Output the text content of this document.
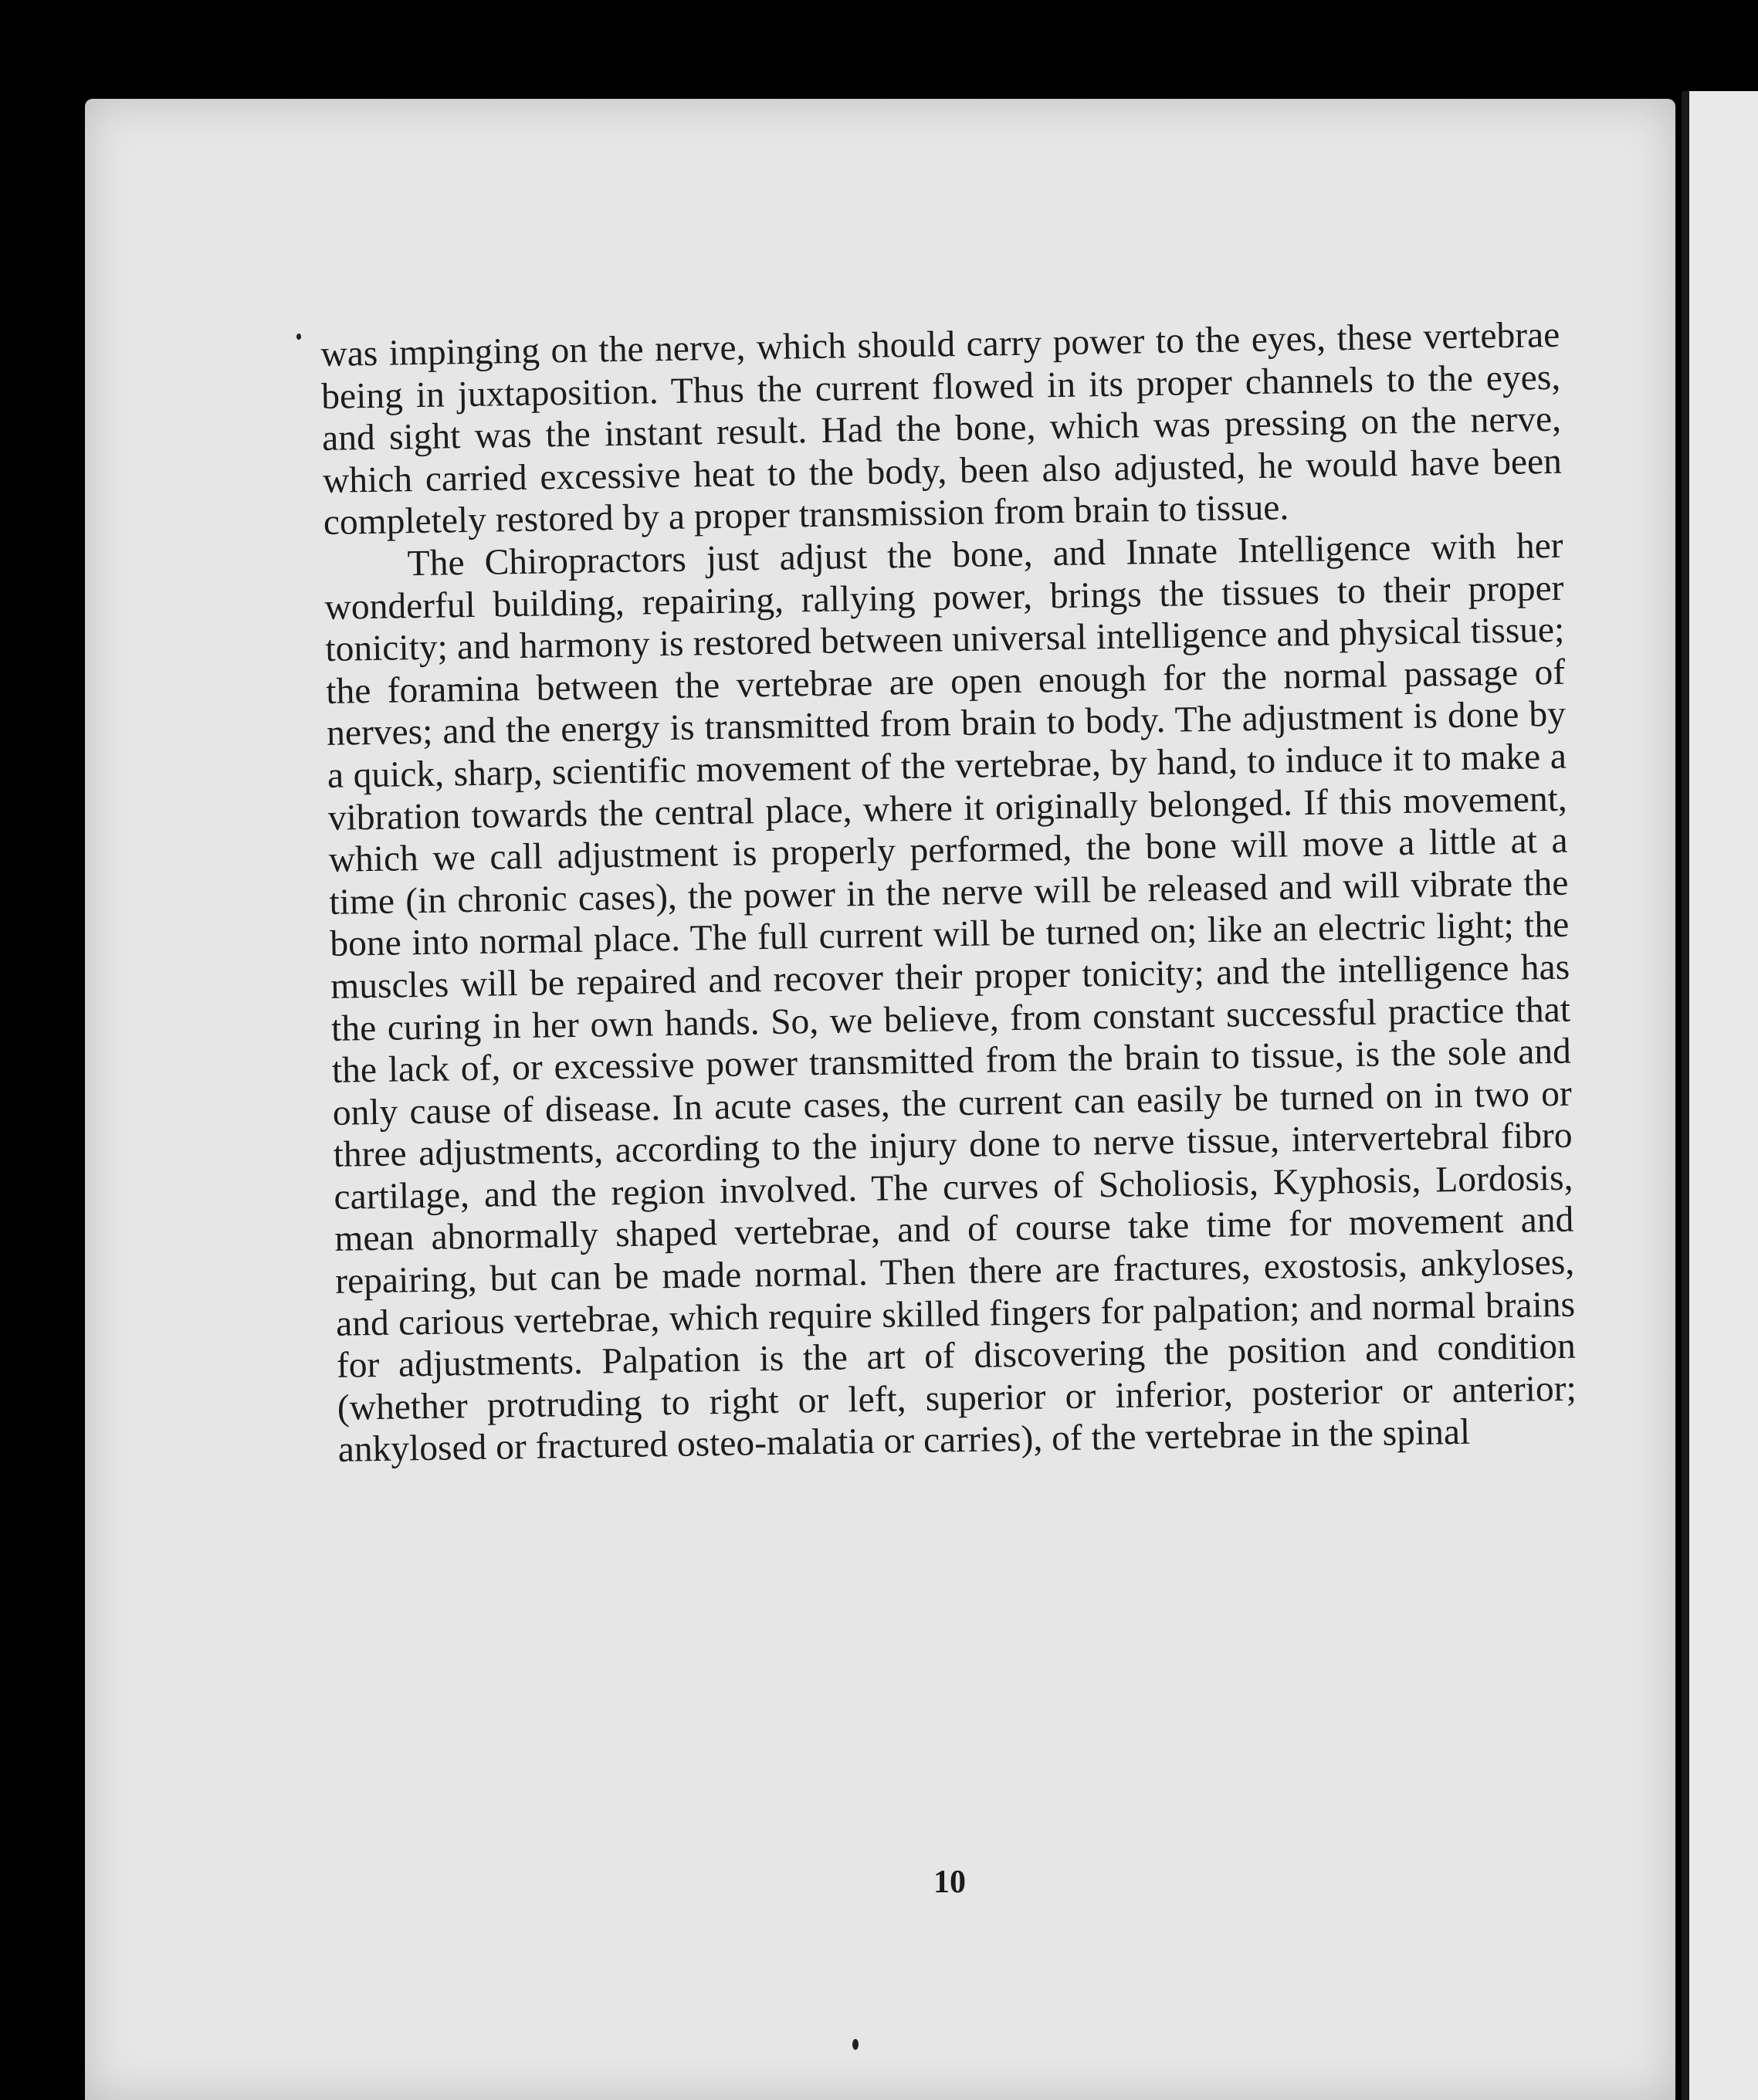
was impinging on the nerve, which should carry power to the eyes, these vertebrae being in juxtaposition. Thus the current flowed in its proper channels to the eyes, and sight was the instant result. Had the bone, which was pressing on the nerve, which carried excessive heat to the body, been also adjusted, he would have been completely restored by a proper transmission from brain to tissue.

The Chiropractors just adjust the bone, and Innate Intelligence with her wonderful building, repairing, rallying power, brings the tissues to their proper tonicity; and harmony is restored between universal intelligence and physical tissue; the foramina between the vertebrae are open enough for the normal passage of nerves; and the energy is transmitted from brain to body. The adjustment is done by a quick, sharp, scientific movement of the vertebrae, by hand, to induce it to make a vibration towards the central place, where it originally belonged. If this movement, which we call adjustment is properly performed, the bone will move a little at a time (in chronic cases), the power in the nerve will be released and will vibrate the bone into normal place. The full current will be turned on; like an electric light; the muscles will be repaired and recover their proper tonicity; and the intelligence has the curing in her own hands. So, we believe, from constant successful practice that the lack of, or excessive power transmitted from the brain to tissue, is the sole and only cause of disease. In acute cases, the current can easily be turned on in two or three adjustments, according to the injury done to nerve tissue, intervertebral fibro cartilage, and the region involved. The curves of Scholiosis, Kyphosis, Lordosis, mean abnormally shaped vertebrae, and of course take time for movement and repairing, but can be made normal. Then there are fractures, exostosis, ankyloses, and carious vertebrae, which require skilled fingers for palpation; and normal brains for adjustments. Palpation is the art of discovering the position and condition (whether protruding to right or left, superior or inferior, posterior or anterior; ankylosed or fractured osteo-malatia or carries), of the vertebrae in the spinal

10
